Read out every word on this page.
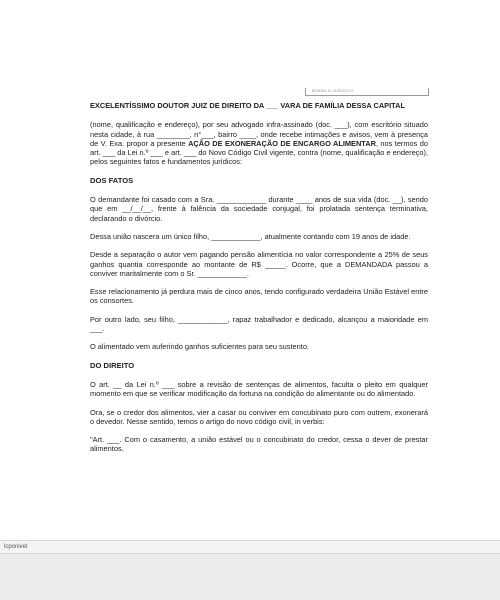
MODELO JURIDICO

EXCELENTÍSSIMO DOUTOR JUIZ DE DIREITO DA ___ VARA DE FAMÍLIA DESSA CAPITAL

(nome, qualificação e endereço), por seu advogado infra-assinado (doc. ___), com escritório situado nesta cidade, à rua ________, n°___, bairro ____, onde recebe intimações e avisos, vem à presença de V. Exa. propor a presente AÇÃO DE EXONERAÇÃO DE ENCARGO ALIMENTAR, nos termos do art. ___ da Lei n.º ___ e art. ___ do Novo Código Civil vigente, contra (nome, qualificação e endereço), pelos seguintes fatos e fundamentos jurídicos:

DOS FATOS

O demandante foi casado com a Sra. ____________ durante ____ anos de sua vida (doc. __), sendo que em __/__/__, frente à falência da sociedade conjugal, foi prolatada sentença terminativa, declarando o divórcio.

Dessa união nascera um único filho, ____________, atualmente contando com 19 anos de idade.

Desde a separação o autor vem pagando pensão alimentícia no valor correspondente a 25% de seus ganhos quantia corresponde ao montante de R$ _____. Ocorre, que a DEMANDADA passou a conviver maritalmente com o Sr. ____________.

Esse relacionamento já perdura mais de cinco anos, tendo configurado verdadeira União Estável entre os consortes.

Por outro lado, seu filho, ____________, rapaz trabalhador e dedicado, alcançou a maioridade em ___.

O alimentado vem auferindo ganhos suficientes para seu sustento.

DO DIREITO

O art. __ da Lei n.º ___ sobre a revisão de sentenças de alimentos, faculta o pleito em qualquer momento em que se verificar modificação da fortuna na condição do alimentante ou do alimentado.

Ora, se o credor dos alimentos, vier a casar ou conviver em concubinato puro com outrem, exonerará o devedor. Nesse sentido, temos o artigo do novo código civil, in verbis:

"Art. ___. Com o casamento, a união estável ou o concubinato do credor, cessa o dever de prestar alimentos.

lcponivel
